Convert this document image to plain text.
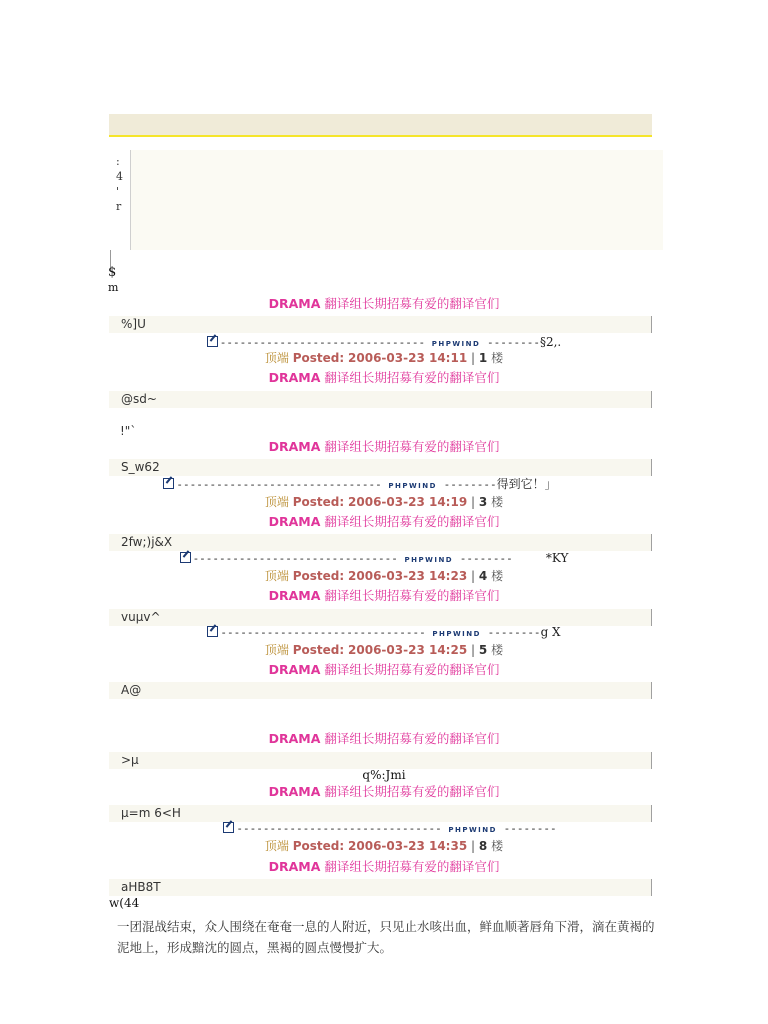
:
4
'
r
$
m
DRAMA 翻译组长期招募有爱的翻译官们
%]U
------------------------------- PHPWIND --------§2,.
顶端 Posted: 2006-03-23 14:11 | 1 楼
DRAMA 翻译组长期招募有爱的翻译官们
@sd~
!"`
DRAMA 翻译组长期招募有爱的翻译官们
S_w62
------------------------------- PHPWIND --------得到它！」
顶端 Posted: 2006-03-23 14:19 | 3 楼
DRAMA 翻译组长期招募有爱的翻译官们
2fw;)j&X
------------------------------- PHPWIND --------	*KY
顶端 Posted: 2006-03-23 14:23 | 4 楼
DRAMA 翻译组长期招募有爱的翻译官们
vuμv^
------------------------------- PHPWIND --------g X
顶端 Posted: 2006-03-23 14:25 | 5 楼
DRAMA 翻译组长期招募有爱的翻译官们
A@
DRAMA 翻译组长期招募有爱的翻译官们
>μ
q%:Jmi
DRAMA 翻译组长期招募有爱的翻译官们
μ=m 6<H
------------------------------- PHPWIND --------
顶端 Posted: 2006-03-23 14:35 | 8 楼
DRAMA 翻译组长期招募有爱的翻译官们
aHB8T
w(44
一团混战结束，众人围绕在奄奄一息的人附近，只见止水咳出血，鲜血顺著唇角下滑，滴在黄褐的泥地上，形成黯沈的圆点，黑褐的圆点慢慢扩大。
